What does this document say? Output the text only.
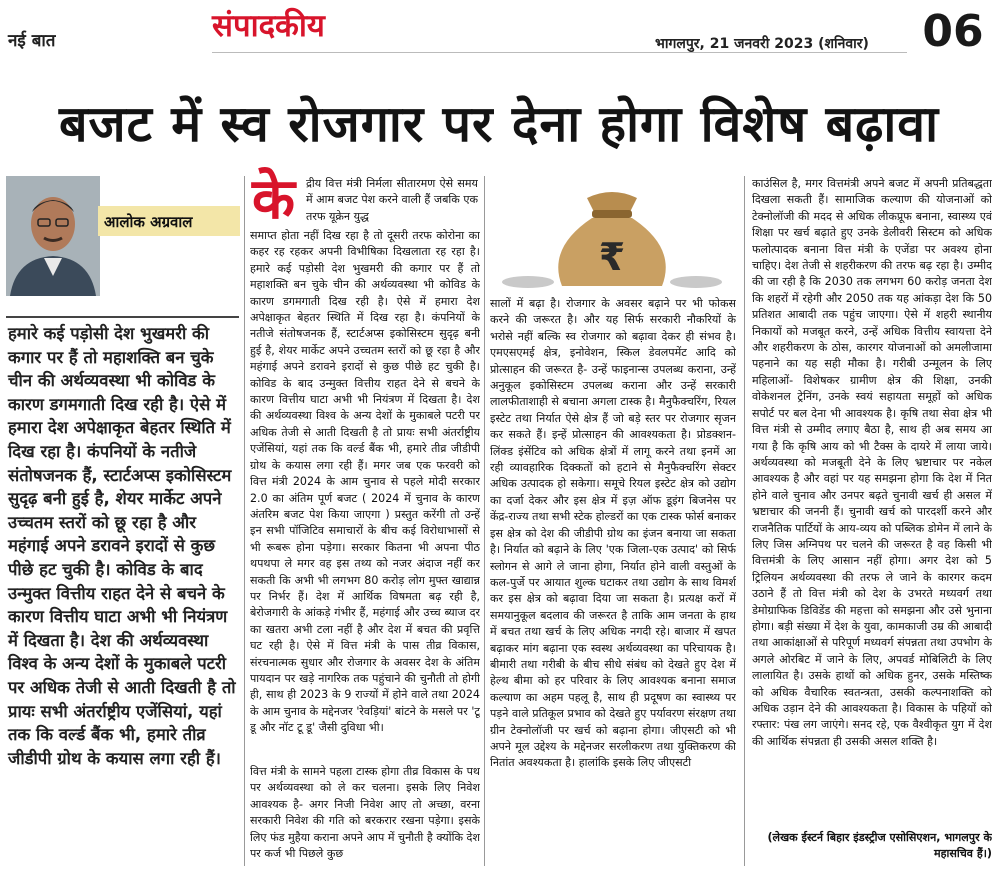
नई बात	संपादकीय	भागलपुर, 21 जनवरी 2023 (शनिवार)	06
बजट में स्व रोजगार पर देना होगा विशेष बढ़ावा
आलोक अग्रवाल
हमारे कई पड़ोसी देश भुखमरी की कगार पर हैं तो महाशक्ति बन चुके चीन की अर्थव्यवस्था भी कोविड के कारण डगमगाती दिख रही है। ऐसे में हमारा देश अपेक्षाकृत बेहतर स्थिति में दिख रहा है। कंपनियों के नतीजे संतोषजनक हैं, स्टार्टअप्स इकोसिस्टम सुदृढ़ बनी हुई है, शेयर मार्केट अपने उच्चतम स्तरों को छू रहा है और महंगाई अपने डरावने इरादों से कुछ पीछे हट चुकी है। कोविड के बाद उन्मुक्त वित्तीय राहत देने से बचने के कारण वित्तीय घाटा अभी भी नियंत्रण में दिखता है। देश की अर्थव्यवस्था विश्व के अन्य देशों के मुकाबले पटरी पर अधिक तेजी से आती दिखती है तो प्रायः सभी अंतर्राष्ट्रीय एजेंसियां, यहां तक कि वर्ल्ड बैंक भी, हमारे तीव्र जीडीपी ग्रोथ के कयास लगा रही हैं।
के द्रीय वित्त मंत्री निर्मला सीतारमण ऐसे समय में आम बजट पेश करने वाली हैं जबकि एक तरफ यूक्रेन युद्ध

समाप्त होता नहीं दिख रहा है तो दूसरी तरफ कोरोना का कहर रह रहकर अपनी विभीषिका दिखलाता रह रहा है। हमारे कई पड़ोसी देश भुखमरी की कगार पर हैं तो महाशक्ति बन चुके चीन की अर्थव्यवस्था भी कोविड के कारण डगमगाती दिख रही है। ऐसे में हमारा देश अपेक्षाकृत बेहतर स्थिति में दिख रहा है। कंपनियों के नतीजे संतोषजनक हैं, स्टार्टअप्स इकोसिस्टम सुदृढ़ बनी हुई है, शेयर मार्केट अपने उच्चतम स्तरों को छू रहा है और महंगाई अपने डरावने इरादों से कुछ पीछे हट चुकी है। कोविड के बाद उन्मुक्त वित्तीय राहत देने से बचने के कारण वित्तीय घाटा अभी भी नियंत्रण में दिखता है। देश की अर्थव्यवस्था विश्व के अन्य देशों के मुकाबले पटरी पर अधिक तेजी से आती दिखती है तो प्रायः सभी अंतर्राष्ट्रीय एजेंसियां, यहां तक कि वर्ल्ड बैंक भी, हमारे तीव्र जीडीपी ग्रोथ के कयास लगा रही हैं। मगर जब एक फरवरी को वित्त मंत्री 2024 के आम चुनाव से पहले मोदी सरकार 2.0 का अंतिम पूर्ण बजट ( 2024 में चुनाव के कारण अंतरिम बजट पेश किया जाएगा ) प्रस्तुत करेंगी तो उन्हें इन सभी पॉजिटिव समाचारों के बीच कई विरोधाभासों से भी रूबरू होना पड़ेगा। सरकार कितना भी अपना पीठ थपथपा ले मगर वह इस तथ्य को नजर अंदाज नहीं कर सकती कि अभी भी लगभग 80 करोड़ लोग मुफ्त खाद्यान्न पर निर्भर हैं। देश में आर्थिक विषमता बढ़ रही है, बेरोजगारी के आंकड़े गंभीर हैं, महंगाई और उच्च ब्याज दर का खतरा अभी टला नहीं है और देश में बचत की प्रवृत्ति घट रही है। ऐसे में वित्त मंत्री के पास तीव्र विकास, संरचनात्मक सुधार और रोजगार के अवसर देश के अंतिम पायदान पर खड़े नागरिक तक पहुंचाने की चुनौती तो होगी ही, साथ ही 2023 के 9 राज्यों में होने वाले तथा 2024 के आम चुनाव के मद्देनजर 'रेवड़ियां' बांटने के मसले पर 'टू डू और नॉट टू डू' जैसी दुविधा भी।

वित्त मंत्री के सामने पहला टास्क होगा तीव्र विकास के पथ पर अर्थव्यवस्था को ले कर चलना। इसके लिए निवेश आवश्यक है- अगर निजी निवेश आए तो अच्छा, वरना सरकारी निवेश की गति को बरकरार रखना पड़ेगा। इसके लिए फंड मुहैया कराना अपने आप में चुनौती है क्योंकि देश पर कर्ज भी पिछले कुछ

₹

सालों में बढ़ा है। रोजगार के अवसर बढ़ाने पर भी फोकस करने की जरूरत है। और यह सिर्फ सरकारी नौकरियों के भरोसे नहीं बल्कि स्व रोजगार को बढ़ावा देकर ही संभव है। एमएसएमई क्षेत्र, इनोवेशन, स्किल डेवलपमेंट आदि को प्रोत्साहन की जरूरत है- उन्हें फाइनान्स उपलब्ध कराना, उन्हें अनुकूल इकोसिस्टम उपलब्ध कराना और उन्हें सरकारी लालफीताशाही से बचाना अगला टास्क है। मैनुफैक्चरिंग, रियल इस्टेट तथा निर्यात ऐसे क्षेत्र हैं जो बड़े स्तर पर रोजगार सृजन कर सकते हैं। इन्हें प्रोत्साहन की आवश्यकता है। प्रोडक्शन-लिंक्ड इंसेंटिव को अधिक क्षेत्रों में लागू करने तथा इनमें आ रही व्यावहारिक दिक्कतों को हटाने से मैनुफैक्चरिंग सेक्टर अधिक उत्पादक हो सकेगा। समूचे रियल इस्टेट क्षेत्र को उद्योग का दर्जा देकर और इस क्षेत्र में इज़ ऑफ डूइंग बिजनेस पर केंद्र-राज्य तथा सभी स्टेक होल्डरों का एक टास्क फोर्स बनाकर इस क्षेत्र को देश की जीडीपी ग्रोथ का इंजन बनाया जा सकता है। निर्यात को बढ़ाने के लिए 'एक जिला-एक उत्पाद' को सिर्फ स्लोगन से आगे ले जाना होगा, निर्यात होने वाली वस्तुओं के कल-पुर्जे पर आयात शुल्क घटाकर तथा उद्योग के साथ विमर्श कर इस क्षेत्र को बढ़ावा दिया जा सकता है। प्रत्यक्ष करों में समयानुकूल बदलाव की जरूरत है ताकि आम जनता के हाथ में बचत तथा खर्च के लिए अधिक नगदी रहे। बाजार में खपत बढ़ाकर मांग बढ़ाना एक स्वस्थ अर्थव्यवस्था का परिचायक है। बीमारी तथा गरीबी के बीच सीधे संबंध को देखते हुए देश में हेल्थ बीमा को हर परिवार के लिए आवश्यक बनाना समाज कल्याण का अहम पहलू है, साथ ही प्रदूषण का स्वास्थ्य पर पड़ने वाले प्रतिकूल प्रभाव को देखते हुए पर्यावरण संरक्षण तथा ग्रीन टेक्नोलॉजी पर खर्च को बढ़ाना होगा। जीएसटी को भी अपने मूल उद्देश्य के मद्देनजर सरलीकरण तथा युक्तिकरण की नितांत अवश्यकता है। हालांकि इसके लिए जीएसटी

काउंसिल है, मगर वित्तमंत्री अपने बजट में अपनी प्रतिबद्धता दिखला सकती हैं। सामाजिक कल्याण की योजनाओं को टेक्नोलॉजी की मदद से अधिक लीकप्रूफ बनाना, स्वास्थ्य एवं शिक्षा पर खर्च बढ़ाते हुए उनके डेलीवरी सिस्टम को अधिक फलोत्पादक बनाना वित्त मंत्री के एजेंडा पर अवश्य होना चाहिए। देश तेजी से शहरीकरण की तरफ बढ़ रहा है। उम्मीद की जा रही है कि 2030 तक लगभग 60 करोड़ जनता देश कि शहरों में रहेगी और 2050 तक यह आंकड़ा देश कि 50 प्रतिशत आबादी तक पहुंच जाएगा। ऐसे में शहरी स्थानीय निकायों को मजबूत करने, उन्हें अधिक वित्तीय स्वायत्ता देने और शहरीकरण के ठोस, कारगर योजनाओं को अमलीजामा पहनाने का यह सही मौका है। गरीबी उन्मूलन के लिए महिलाओं- विशेषकर ग्रामीण क्षेत्र की शिक्षा, उनकी वोकेशनल ट्रेनिंग, उनके स्वयं सहायता समूहों को अधिक सपोर्ट पर बल देना भी आवश्यक है। कृषि तथा सेवा क्षेत्र भी वित्त मंत्री से उम्मीद लगाए बैठा है, साथ ही अब समय आ गया है कि कृषि आय को भी टैक्स के दायरे में लाया जाये। अर्थव्यवस्था को मजबूती देने के लिए भ्रष्टाचार पर नकेल आवश्यक है और वहां पर यह समझना होगा कि देश में नित होने वाले चुनाव और उनपर बढ़ते चुनावी खर्च ही असल में भ्रष्टाचार की जननी हैं। चुनावी खर्च को पारदर्शी करने और राजनैतिक पार्टियों के आय-व्यय को पब्लिक डोमेन में लाने के लिए जिस अग्निपथ पर चलने की जरूरत है वह किसी भी वित्तमंत्री के लिए आसान नहीं होगा। अगर देश को 5 ट्रिलियन अर्थव्यवस्था की तरफ ले जाने के कारगर कदम उठाने हैं तो वित्त मंत्री को देश के उभरते मध्यवर्ग तथा डेमोग्राफिक डिविडेंड की महत्ता को समझना और उसे भुनाना होगा। बड़ी संख्या में देश के युवा, कामकाजी उम्र की आबादी तथा आकांक्षाओं से परिपूर्ण मध्यवर्ग संपन्नता तथा उपभोग के अगले ओरबिट में जाने के लिए, अपवर्ड मोबिलिटी के लिए लालायित है। उसके हाथों को अधिक हुनर, उसके मस्तिष्क को अधिक वैचारिक स्वतन्त्रता, उसकी कल्पनाशक्ति को अधिक उड़ान देने की आवश्यकता है। विकास के पहियों को रफ्तार: पंख लग जाएंगे। सनद रहे, एक वैश्वीकृत युग में देश की आर्थिक संपन्नता ही उसकी असल शक्ति है।

(लेखक ईस्टर्न बिहार इंडस्ट्रीज एसोसिएशन, भागलपुर के महासचिव हैं।)
